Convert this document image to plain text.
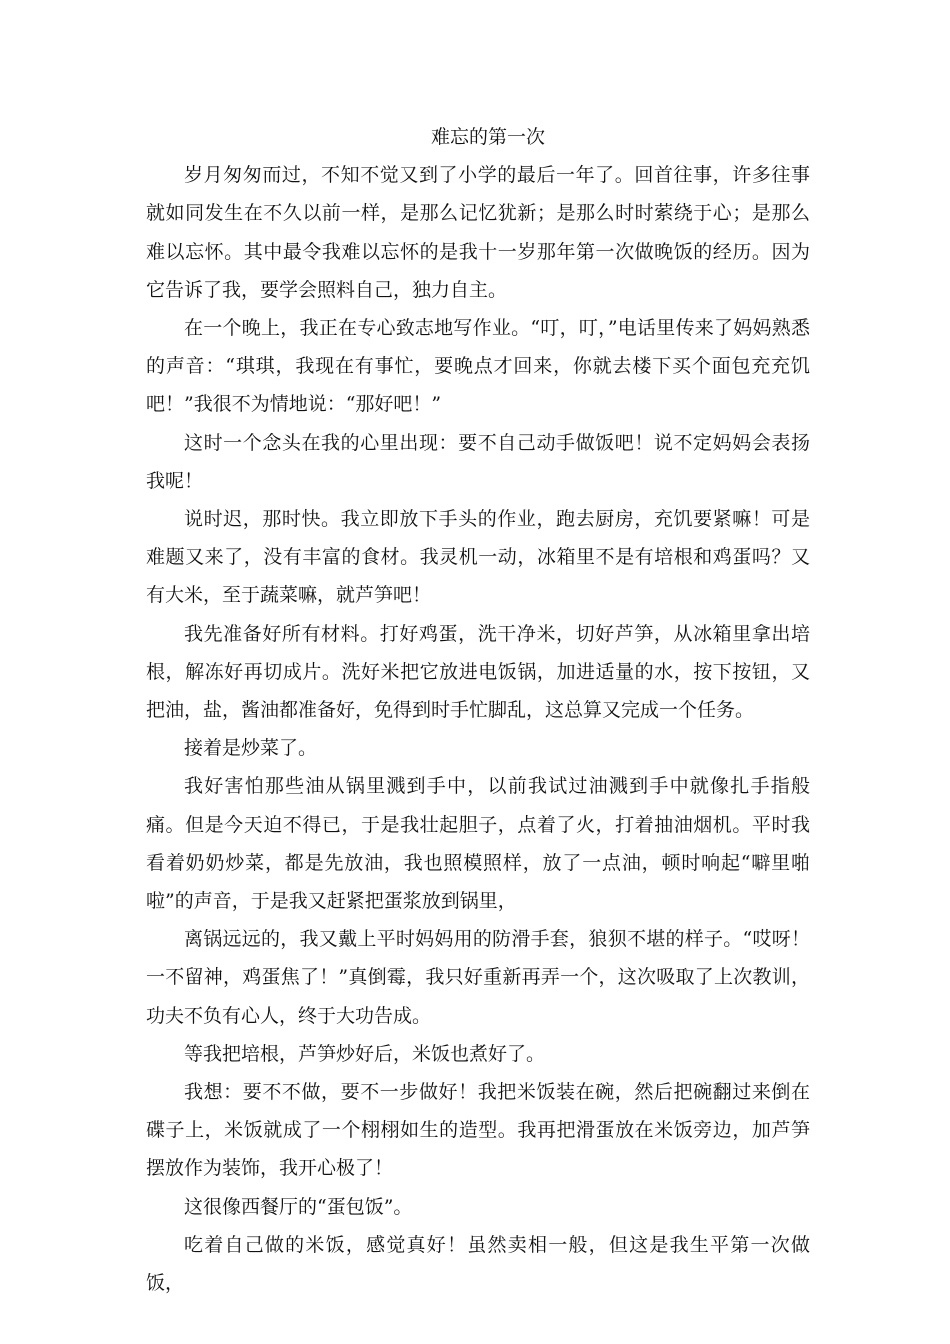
难忘的第一次

岁月匆匆而过，不知不觉又到了小学的最后一年了。回首往事，许多往事就如同发生在不久以前一样，是那么记忆犹新；是那么时时萦绕于心；是那么难以忘怀。其中最令我难以忘怀的是我十一岁那年第一次做晚饭的经历。因为它告诉了我，要学会照料自己，独力自主。

在一个晚上，我正在专心致志地写作业。“叮，叮，”电话里传来了妈妈熟悉的声音：“琪琪，我现在有事忙，要晚点才回来，你就去楼下买个面包充充饥吧！”我很不为情地说：“那好吧！”

这时一个念头在我的心里出现：要不自己动手做饭吧！说不定妈妈会表扬我呢！

说时迟，那时快。我立即放下手头的作业，跑去厨房，充饥要紧嘛！可是难题又来了，没有丰富的食材。我灵机一动，冰箱里不是有培根和鸡蛋吗？又有大米，至于蔬菜嘛，就芦笋吧！

我先准备好所有材料。打好鸡蛋，洗干净米，切好芦笋，从冰箱里拿出培根，解冻好再切成片。洗好米把它放进电饭锅，加进适量的水，按下按钮，又把油，盐，酱油都准备好，免得到时手忙脚乱，这总算又完成一个任务。

接着是炒菜了。

我好害怕那些油从锅里溅到手中，以前我试过油溅到手中就像扎手指般痛。但是今天迫不得已，于是我壮起胆子，点着了火，打着抽油烟机。平时我看着奶奶炒菜，都是先放油，我也照模照样，放了一点油，顿时响起“噼里啪啦”的声音，于是我又赶紧把蛋浆放到锅里，

离锅远远的，我又戴上平时妈妈用的防滑手套，狼狈不堪的样子。“哎呀！一不留神，鸡蛋焦了！”真倒霉，我只好重新再弄一个，这次吸取了上次教训，功夫不负有心人，终于大功告成。

等我把培根，芦笋炒好后，米饭也煮好了。

我想：要不不做，要不一步做好！我把米饭装在碗，然后把碗翻过来倒在碟子上，米饭就成了一个栩栩如生的造型。我再把滑蛋放在米饭旁边，加芦笋摆放作为装饰，我开心极了！

这很像西餐厅的“蛋包饭”。

吃着自己做的米饭，感觉真好！虽然卖相一般，但这是我生平第一次做饭，
